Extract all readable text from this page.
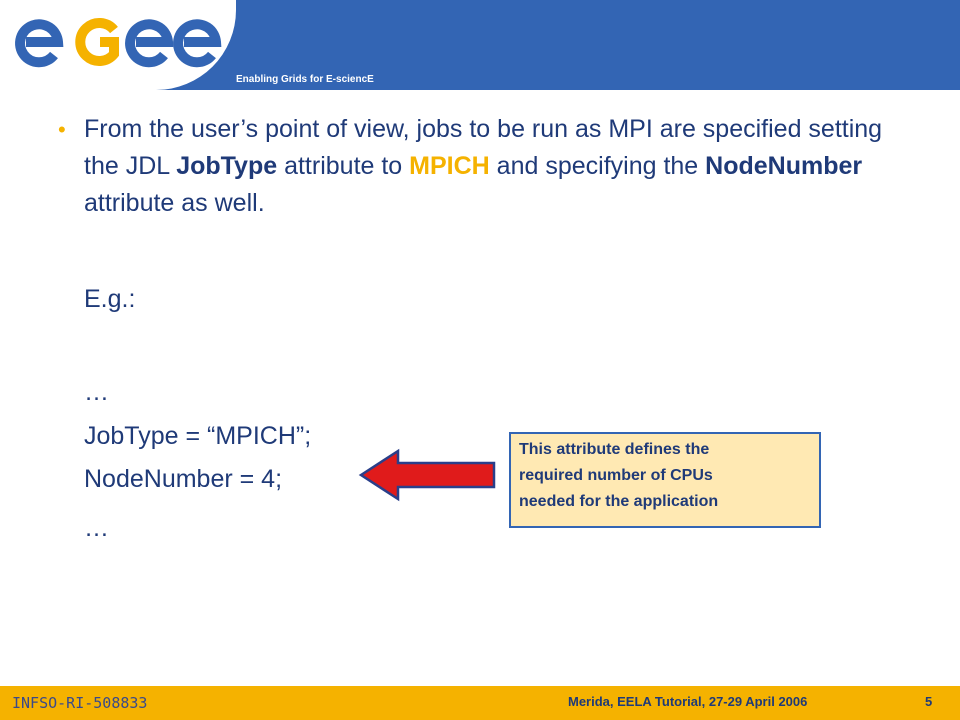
Enabling Grids for E-sciencE
• From the user’s point of view, jobs to be run as MPI are specified setting the JDL JobType attribute to MPICH and specifying the NodeNumber attribute as well.
E.g.:
…
JobType = “MPICH”;
NodeNumber = 4;
…
This attribute defines the
required number of CPUs
needed for the application
INFSO-RI-508833	Merida, EELA Tutorial, 27-29 April 2006	5
